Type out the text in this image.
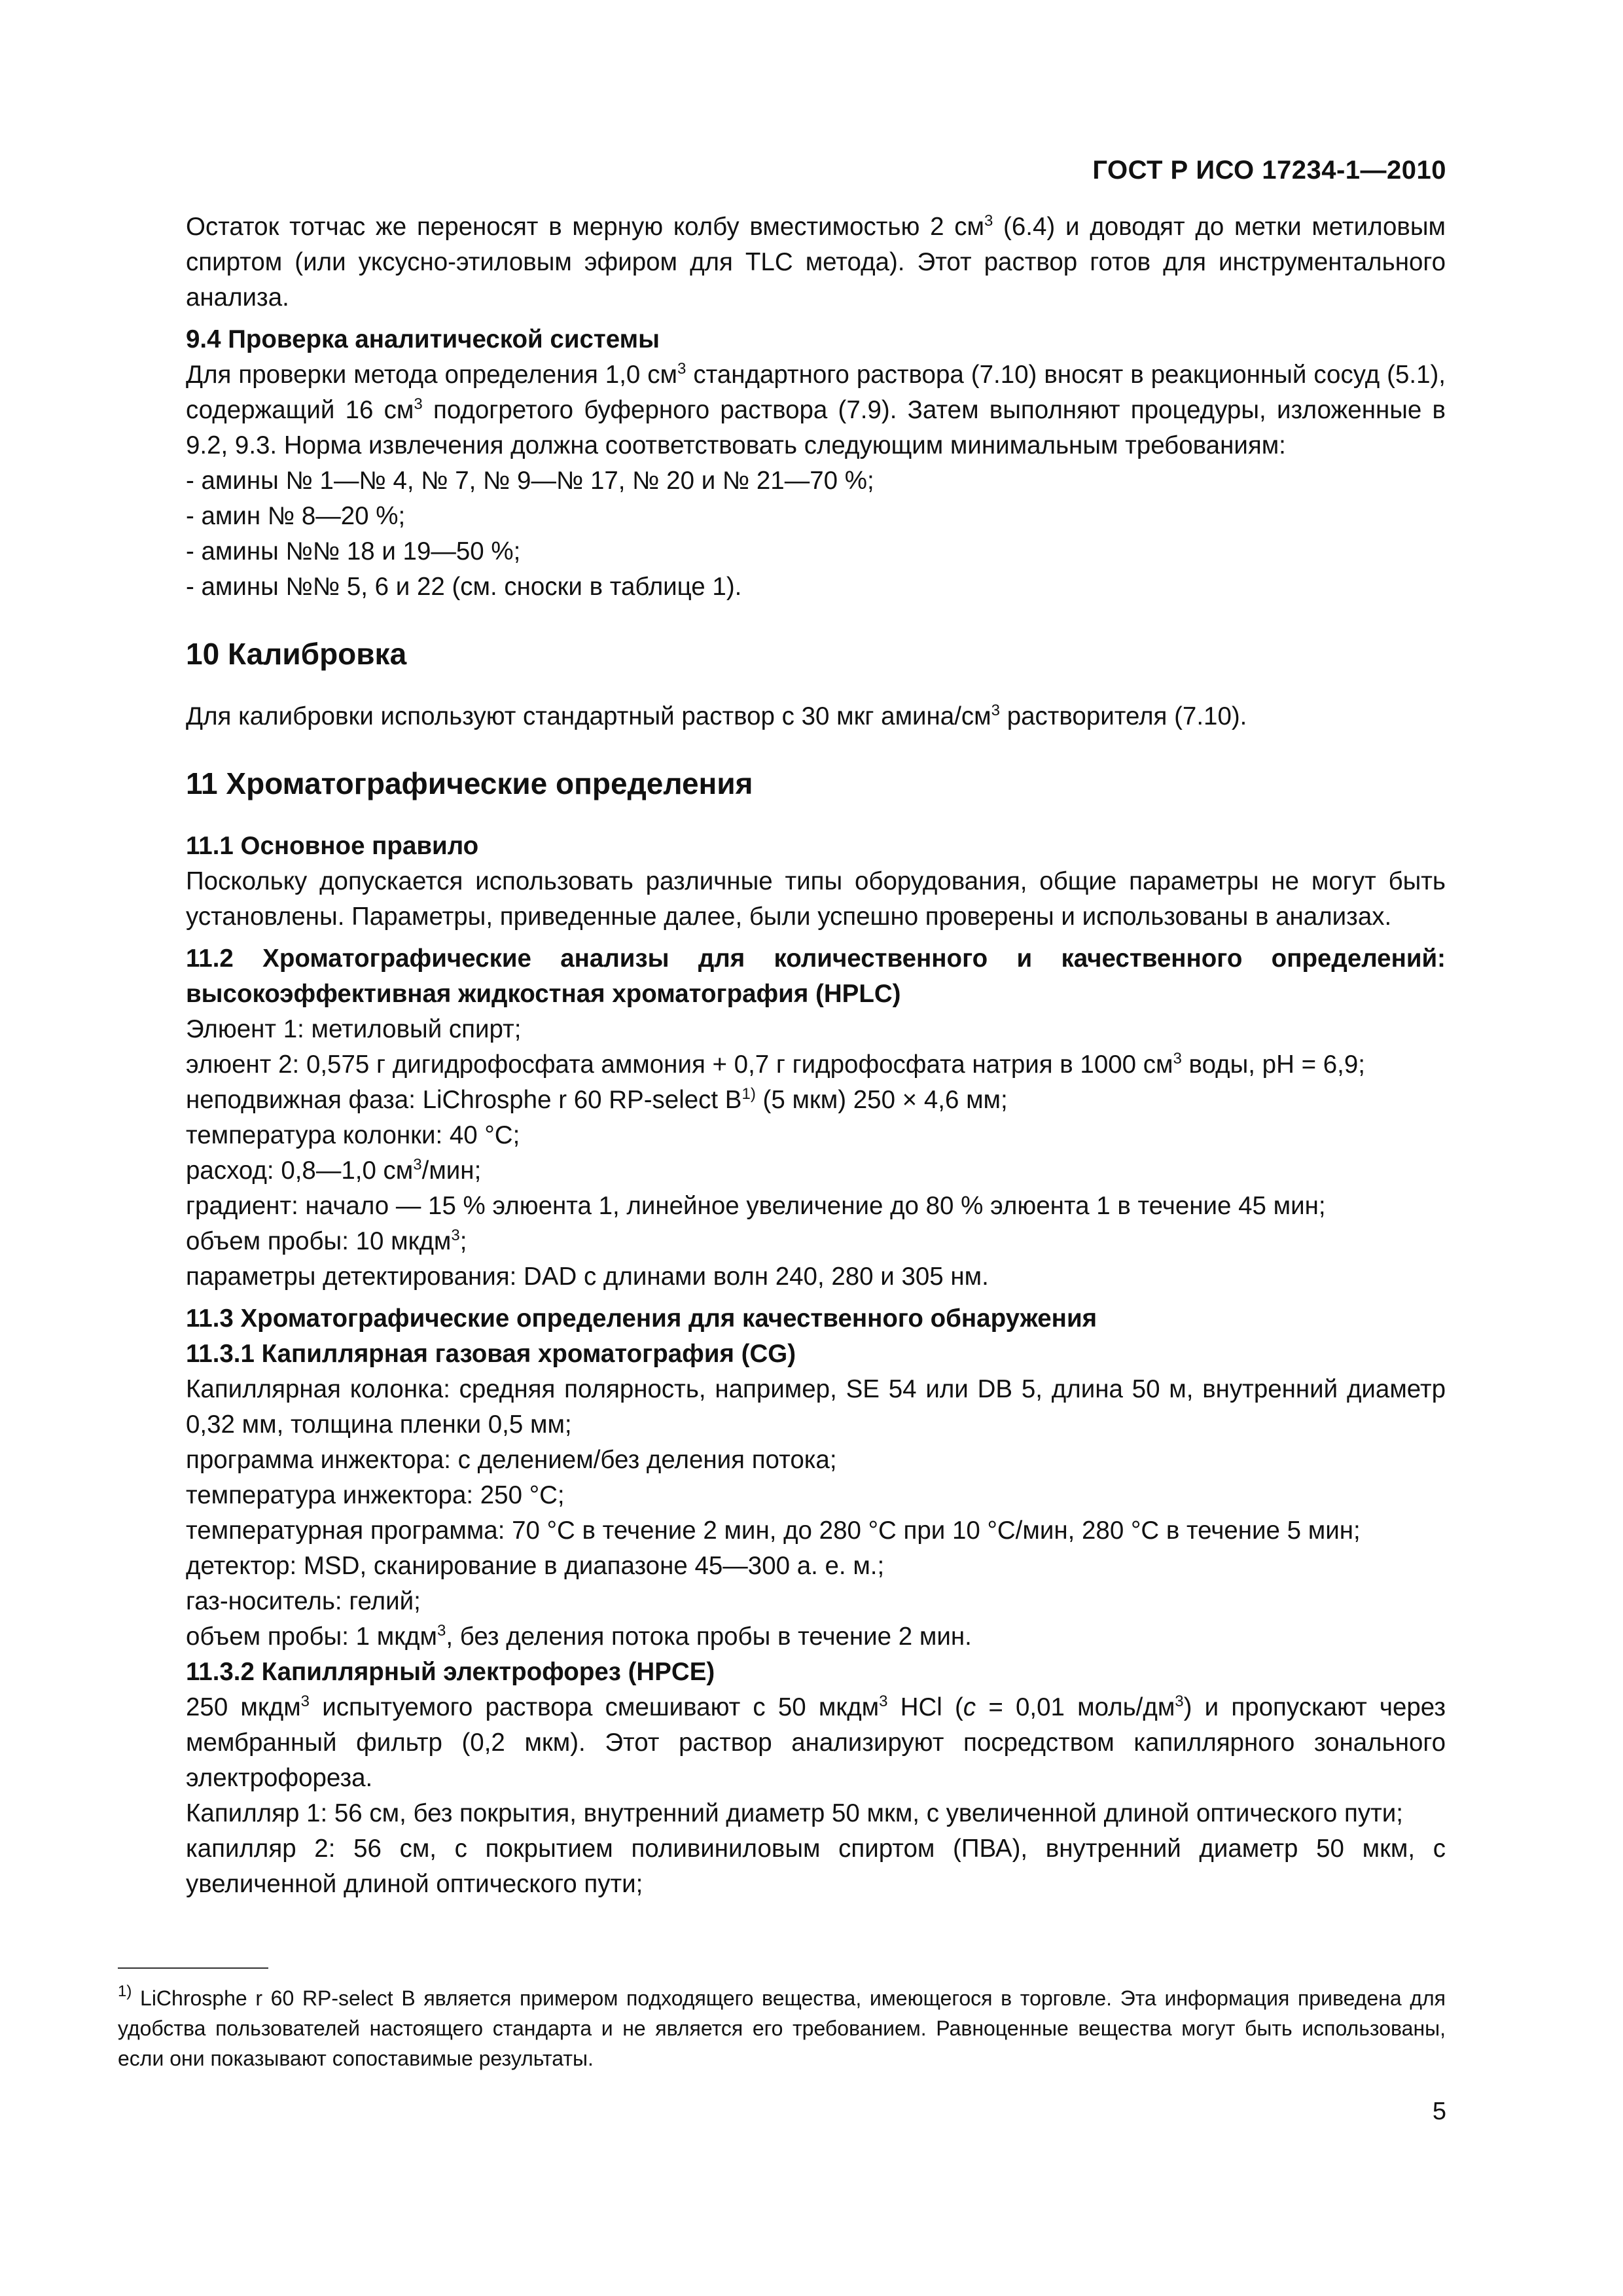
ГОСТ Р ИСО 17234-1—2010

Остаток тотчас же переносят в мерную колбу вместимостью 2 $см^3$ (6.4) и доводят до метки метиловым спиртом (или уксусно-этиловым эфиром для TLC метода). Этот раствор готов для инструментального анализа.

9.4 Проверка аналитической системы

Для проверки метода определения 1,0 $см^3$ стандартного раствора (7.10) вносят в реакционный сосуд (5.1), содержащий 16 $см^3$ подогретого буферного раствора (7.9). Затем выполняют процедуры, изложенные в 9.2, 9.3. Норма извлечения должна соответствовать следующим минимальным требованиям:

- амины № 1—№ 4, № 7, № 9—№ 17, № 20 и № 21—70 %;
- амин № 8—20 %;
- амины №№ 18 и 19—50 %;
- амины №№ 5, 6 и 22 (см. сноски в таблице 1).
10 Калибровка

Для калибровки используют стандартный раствор с 30 мкг амина/$см^3$ растворителя (7.10).

11 Хроматографические определения
11.1 Основное правило

Поскольку допускается использовать различные типы оборудования, общие параметры не могут быть установлены. Параметры, приведенные далее, были успешно проверены и использованы в анализах.

11.2 Хроматографические анализы для количественного и качественного определений: высокоэффективная жидкостная хроматография (HPLC)
Элюент 1: метиловый спирт;
элюент 2: 0,575 г дигидрофосфата аммония + 0,7 г гидрофосфата натрия в 1000 $см^3$ воды, pH = 6,9;
неподвижная фаза: LiChrosphe r 60 RP-select $B^{1)}$ (5 мкм) 250 × 4,6 мм;
температура колонки: 40 °C;
расход: 0,8—1,0 $см^3$/мин;
градиент: начало — 15 % элюента 1, линейное увеличение до 80 % элюента 1 в течение 45 мин;
объем пробы: 10 мкдм$^3$;
параметры детектирования: DAD с длинами волн 240, 280 и 305 нм.
11.3 Хроматографические определения для качественного обнаружения
11.3.1 Капиллярная газовая хроматография (CG)

Капиллярная колонка: средняя полярность, например, SE 54 или DB 5, длина 50 м, внутренний диаметр 0,32 мм, толщина пленки 0,5 мм;

программа инжектора: с делением/без деления потока;
температура инжектора: 250 °C;
температурная программа: 70 °C в течение 2 мин, до 280 °C при 10 °C/мин, 280 °C в течение 5 мин;
детектор: MSD, сканирование в диапазоне 45—300 а. е. м.;
газ-носитель: гелий;
объем пробы: 1 мкдм$^3$, без деления потока пробы в течение 2 мин.
11.3.2 Капиллярный электрофорез (HPCE)

250 мкдм$^3$ испытуемого раствора смешивают с 50 мкдм$^3$ HCl (c = 0,01 моль/$дм^3$) и пропускают через мембранный фильтр (0,2 мкм). Этот раствор анализируют посредством капиллярного зонального электрофореза.

Капилляр 1: 56 см, без покрытия, внутренний диаметр 50 мкм, с увеличенной длиной оптического пути;

капилляр 2: 56 см, с покрытием поливиниловым спиртом (ПВА), внутренний диаметр 50 мкм, с увеличенной длиной оптического пути;

$^{1)}$ LiChrosphe r 60 RP-select B является примером подходящего вещества, имеющегося в торговле. Эта информация приведена для удобства пользователей настоящего стандарта и не является его требованием. Равноценные вещества могут быть использованы, если они показывают сопоставимые результаты.
5
